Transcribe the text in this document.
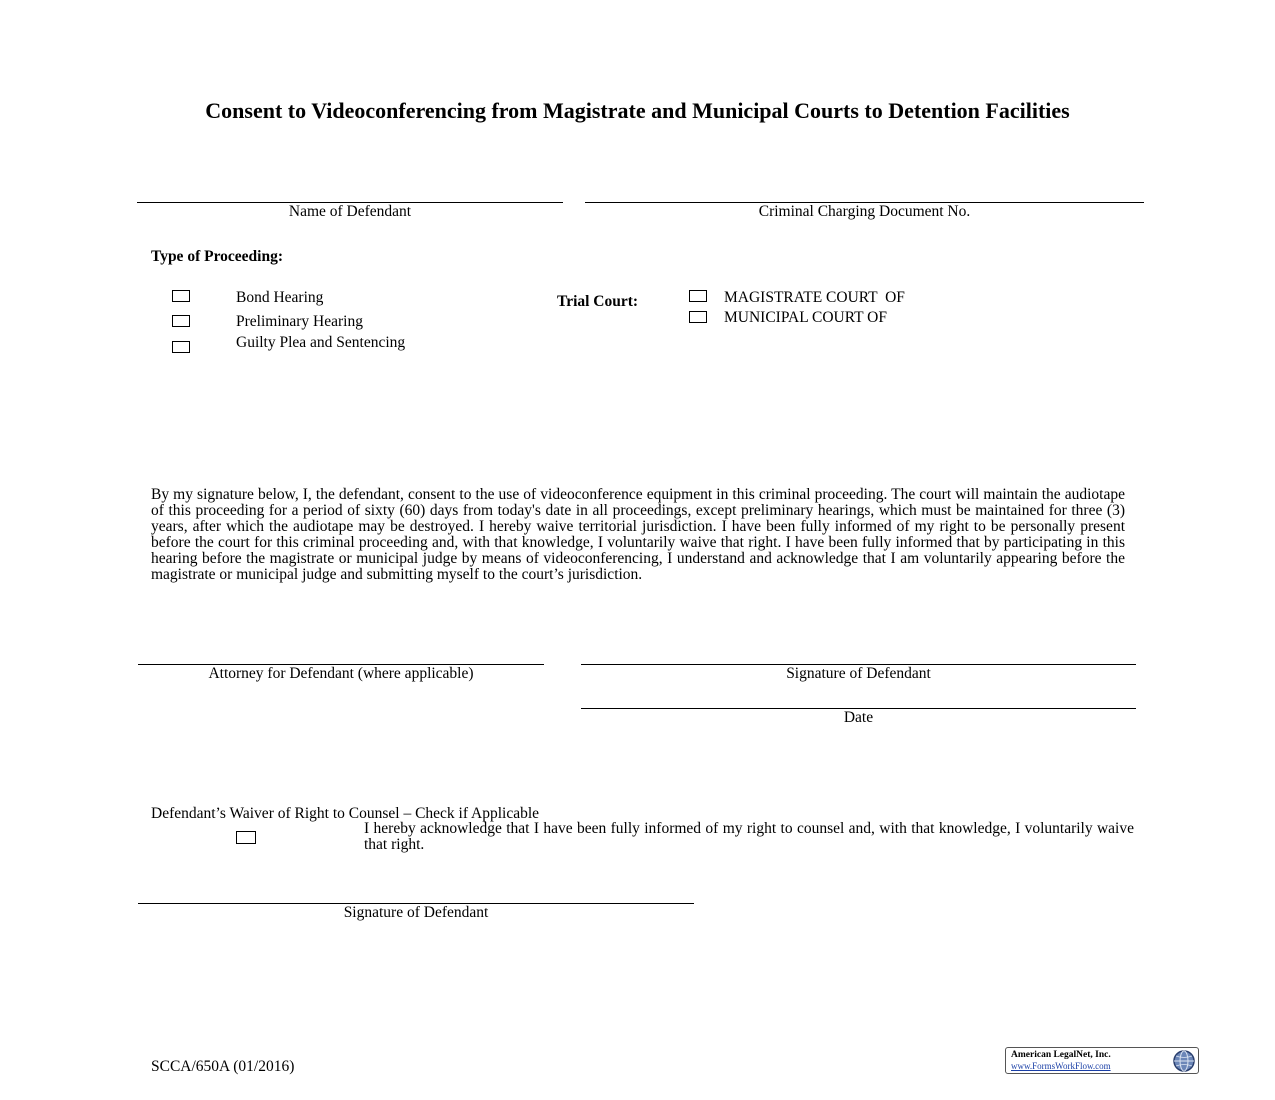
Consent to Videoconferencing from Magistrate and Municipal Courts to Detention Facilities
Name of Defendant	Criminal Charging Document No.
Type of Proceeding:
Bond Hearing
Preliminary Hearing
Guilty Plea and Sentencing
Trial Court:	MAGISTRATE COURT  OF
MUNICIPAL COURT OF
By my signature below, I, the defendant, consent to the use of videoconference equipment in this criminal proceeding. The court will maintain the audiotape of this proceeding for a period of sixty (60) days from today's date in all proceedings, except preliminary hearings, which must be maintained for three (3) years, after which the audiotape may be destroyed. I hereby waive territorial jurisdiction. I have been fully informed of my right to be personally present before the court for this criminal proceeding and, with that knowledge, I voluntarily waive that right. I have been fully informed that by participating in this hearing before the magistrate or municipal judge by means of videoconferencing, I understand and acknowledge that I am voluntarily appearing before the magistrate or municipal judge and submitting myself to the court’s jurisdiction.
Attorney for Defendant (where applicable)	Signature of Defendant
Date
Defendant’s Waiver of Right to Counsel – Check if Applicable
I hereby acknowledge that I have been fully informed of my right to counsel and, with that knowledge, I voluntarily waive that right.
Signature of Defendant
SCCA/650A (01/2016)
American LegalNet, Inc.
www.FormsWorkFlow.com
